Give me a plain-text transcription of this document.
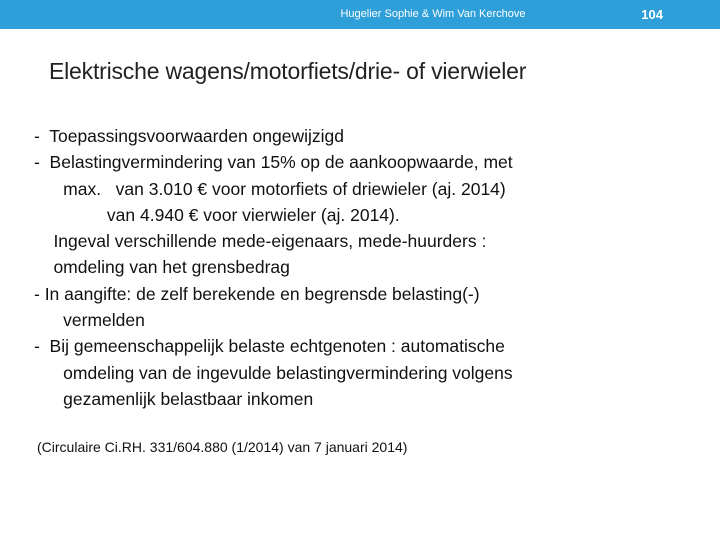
Hugelier Sophie & Wim Van Kerchove	104
Elektrische wagens/motorfiets/drie- of vierwieler
-  Toepassingsvoorwaarden ongewijzigd
-  Belastingvermindering van 15% op de aankoopwaarde, met
max.   van 3.010 € voor motorfiets of driewieler (aj. 2014)
van 4.940 € voor vierwieler (aj. 2014).
Ingeval verschillende mede-eigenaars, mede-huurders :
omdeling van het grensbedrag
- In aangifte: de zelf berekende en begrensde belasting(-)
vermelden
-  Bij gemeenschappelijk belaste echtgenoten : automatische
omdeling van de ingevulde belastingvermindering volgens
gezamenlijk belastbaar inkomen
(Circulaire Ci.RH. 331/604.880 (1/2014) van 7 januari 2014)
